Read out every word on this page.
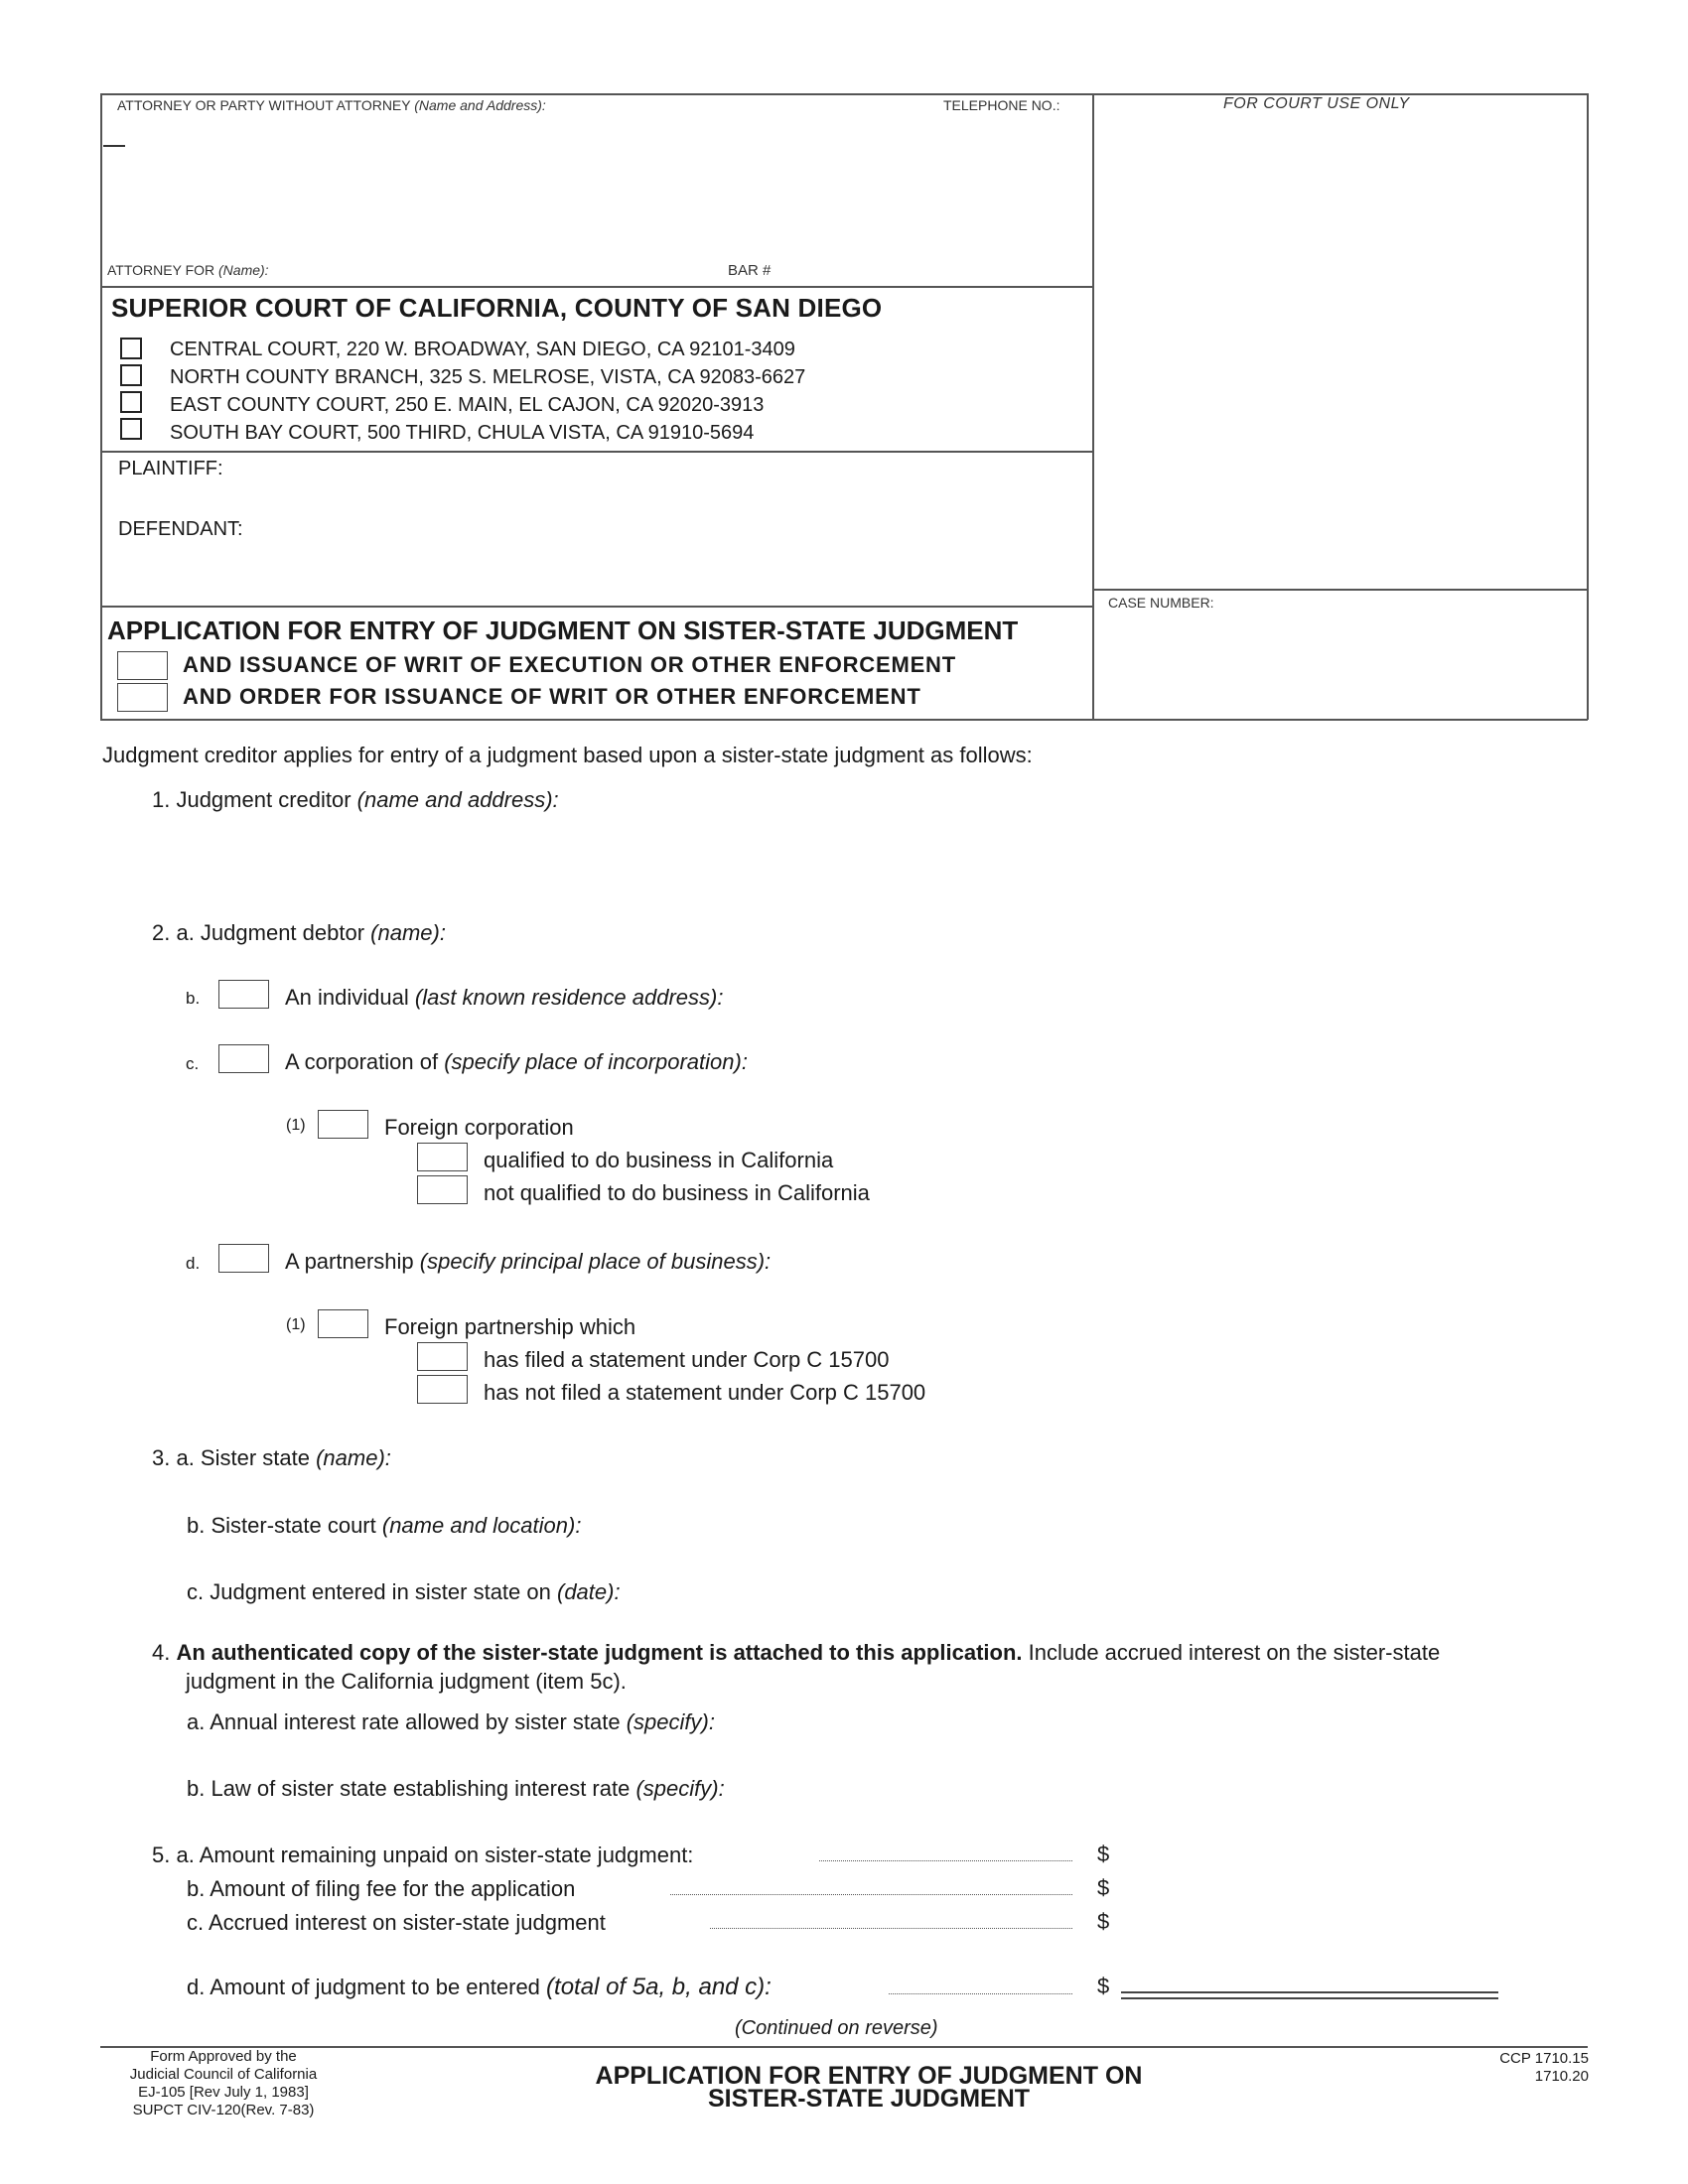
ATTORNEY OR PARTY WITHOUT ATTORNEY (Name and Address):	TELEPHONE NO.:	FOR COURT USE ONLY
ATTORNEY FOR (Name):	BAR #
SUPERIOR COURT OF CALIFORNIA, COUNTY OF SAN DIEGO
CENTRAL COURT, 220 W. BROADWAY, SAN DIEGO, CA 92101-3409
NORTH COUNTY BRANCH, 325 S. MELROSE, VISTA, CA 92083-6627
EAST COUNTY COURT, 250 E. MAIN, EL CAJON, CA 92020-3913
SOUTH BAY COURT, 500 THIRD, CHULA VISTA, CA 91910-5694
PLAINTIFF:
DEFENDANT:
CASE NUMBER:
APPLICATION FOR ENTRY OF JUDGMENT ON SISTER-STATE JUDGMENT
AND ISSUANCE OF WRIT OF EXECUTION OR OTHER ENFORCEMENT
AND ORDER FOR ISSUANCE OF WRIT OR OTHER ENFORCEMENT
Judgment creditor applies for entry of a judgment based upon a sister-state judgment as follows:
1. Judgment creditor (name and address):
2. a. Judgment debtor (name):
b.	An individual (last known residence address):
c.	A corporation of (specify place of incorporation):
(1)	Foreign corporation
qualified to do business in California
not qualified to do business in California
d.	A partnership (specify principal place of business):
(1)	Foreign partnership which
has filed a statement under Corp C 15700
has not filed a statement under Corp C 15700
3. a. Sister state (name):
b. Sister-state court (name and location):
c. Judgment entered in sister state on (date):
4. An authenticated copy of the sister-state judgment is attached to this application. Include accrued interest on the sister-state
judgment in the California judgment (item 5c).
a. Annual interest rate allowed by sister state (specify):
b. Law of sister state establishing interest rate (specify):
5. a. Amount remaining unpaid on sister-state judgment:	$
b. Amount of filing fee for the application	$
c. Accrued interest on sister-state judgment	$
d. Amount of judgment to be entered (total of 5a, b, and c):	$
(Continued on reverse)
Form Approved by the
Judicial Council of California
EJ-105 [Rev July 1, 1983]
SUPCT CIV-120(Rev. 7-83)
APPLICATION FOR ENTRY OF JUDGMENT ON
SISTER-STATE JUDGMENT
CCP 1710.15
1710.20
